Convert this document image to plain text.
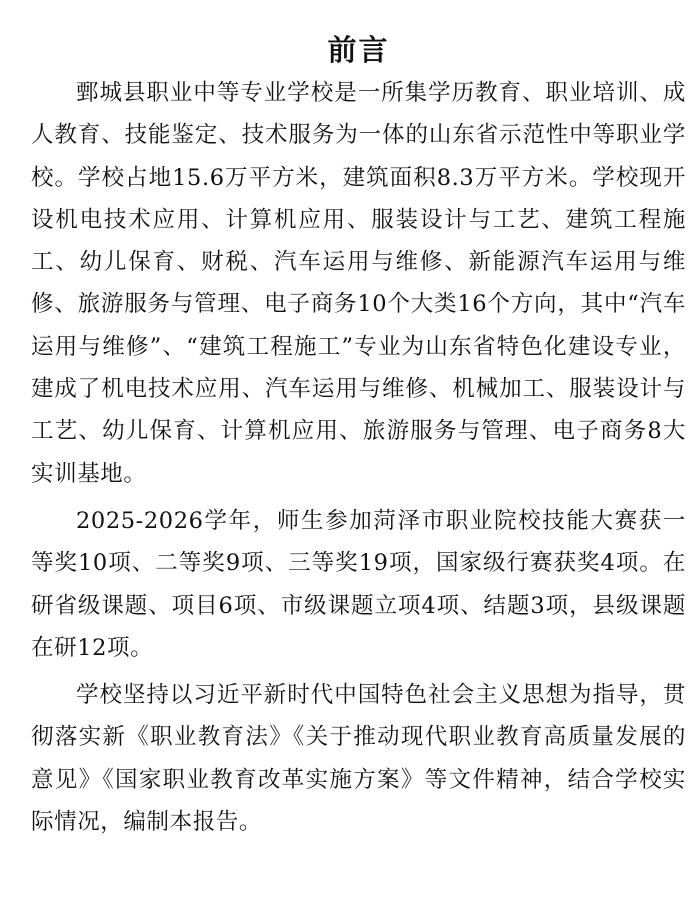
前言

鄄城县职业中等专业学校是一所集学历教育、职业培训、成人教育、技能鉴定、技术服务为一体的山东省示范性中等职业学校。学校占地15.6万平方米，建筑面积8.3万平方米。学校现开设机电技术应用、计算机应用、服装设计与工艺、建筑工程施工、幼儿保育、财税、汽车运用与维修、新能源汽车运用与维修、旅游服务与管理、电子商务10个大类16个方向，其中“汽车运用与维修”、“建筑工程施工”专业为山东省特色化建设专业，建成了机电技术应用、汽车运用与维修、机械加工、服装设计与工艺、幼儿保育、计算机应用、旅游服务与管理、电子商务8大实训基地。

2025-2026学年，师生参加菏泽市职业院校技能大赛获一等奖10项、二等奖9项、三等奖19项，国家级行赛获奖4项。在研省级课题、项目6项、市级课题立项4项、结题3项，县级课题在研12项。

学校坚持以习近平新时代中国特色社会主义思想为指导，贯彻落实新《职业教育法》《关于推动现代职业教育高质量发展的意见》《国家职业教育改革实施方案》等文件精神，结合学校实际情况，编制本报告。
